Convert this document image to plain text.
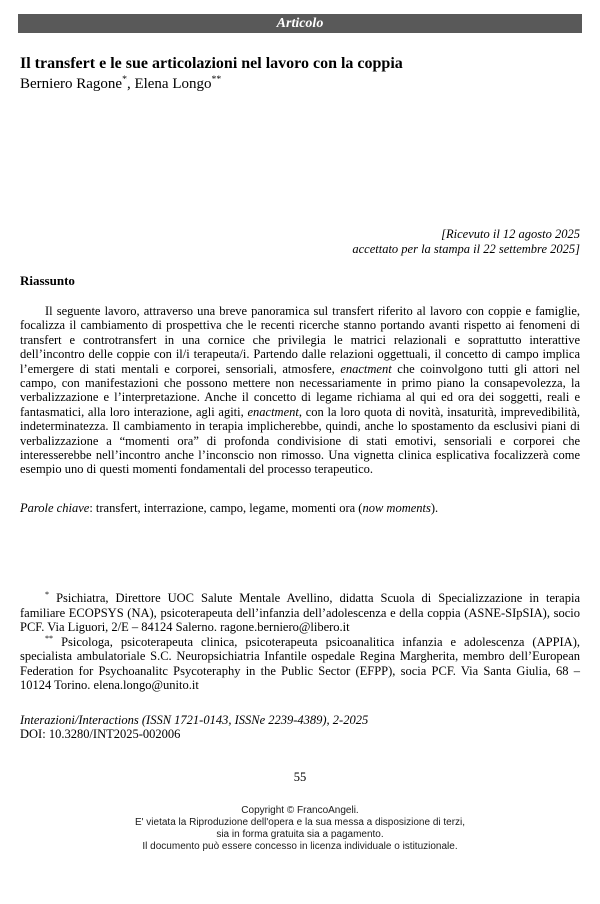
Articolo
Il transfert e le sue articolazioni nel lavoro con la coppia
Berniero Ragone*, Elena Longo**
[Ricevuto il 12 agosto 2025
accettato per la stampa il 22 settembre 2025]
Riassunto
Il seguente lavoro, attraverso una breve panoramica sul transfert riferito al lavoro con coppie e famiglie, focalizza il cambiamento di prospettiva che le recenti ricerche stanno portando avanti rispetto ai fenomeni di transfert e controtransfert in una cornice che privilegia le matrici relazionali e soprattutto interattive dell’incontro delle coppie con il/i terapeuta/i. Partendo dalle relazioni oggettuali, il concetto di campo implica l’emergere di stati mentali e corporei, sensoriali, atmosfere, enactment che coinvolgono tutti gli attori nel campo, con manifestazioni che possono mettere non necessariamente in primo piano la consapevolezza, la verbalizzazione e l’interpretazione. Anche il concetto di legame richiama al qui ed ora dei soggetti, reali e fantasmatici, alla loro interazione, agli agiti, enactment, con la loro quota di novità, insaturità, imprevedibilità, indeterminatezza. Il cambiamento in terapia implicherebbe, quindi, anche lo spostamento da esclusivi piani di verbalizzazione a “momenti ora” di profonda condivisione di stati emotivi, sensoriali e corporei che interesserebbe nell’incontro anche l’inconscio non rimosso. Una vignetta clinica esplicativa focalizzerà come esempio uno di questi momenti fondamentali del processo terapeutico.
Parole chiave: transfert, interrazione, campo, legame, momenti ora (now moments).

* Psichiatra, Direttore UOC Salute Mentale Avellino, didatta Scuola di Specializzazione in terapia familiare ECOPSYS (NA), psicoterapeuta dell’infanzia dell’adolescenza e della coppia (ASNE-SIpSIA), socio PCF. Via Liguori, 2/E – 84124 Salerno. ragone.berniero@libero.it

** Psicologa, psicoterapeuta clinica, psicoterapeuta psicoanalitica infanzia e adolescenza (APPIA), specialista ambulatoriale S.C. Neuropsichiatria Infantile ospedale Regina Margherita, membro dell’European Federation for Psychoanalitc Psycoteraphy in the Public Sector (EFPP), socia PCF. Via Santa Giulia, 68 – 10124 Torino. elena.longo@unito.it

Interazioni/Interactions (ISSN 1721-0143, ISSNe 2239-4389), 2-2025
DOI: 10.3280/INT2025-002006
55
Copyright © FrancoAngeli.
E' vietata la Riproduzione dell'opera e la sua messa a disposizione di terzi,
sia in forma gratuita sia a pagamento.
Il documento può essere concesso in licenza individuale o istituzionale.
